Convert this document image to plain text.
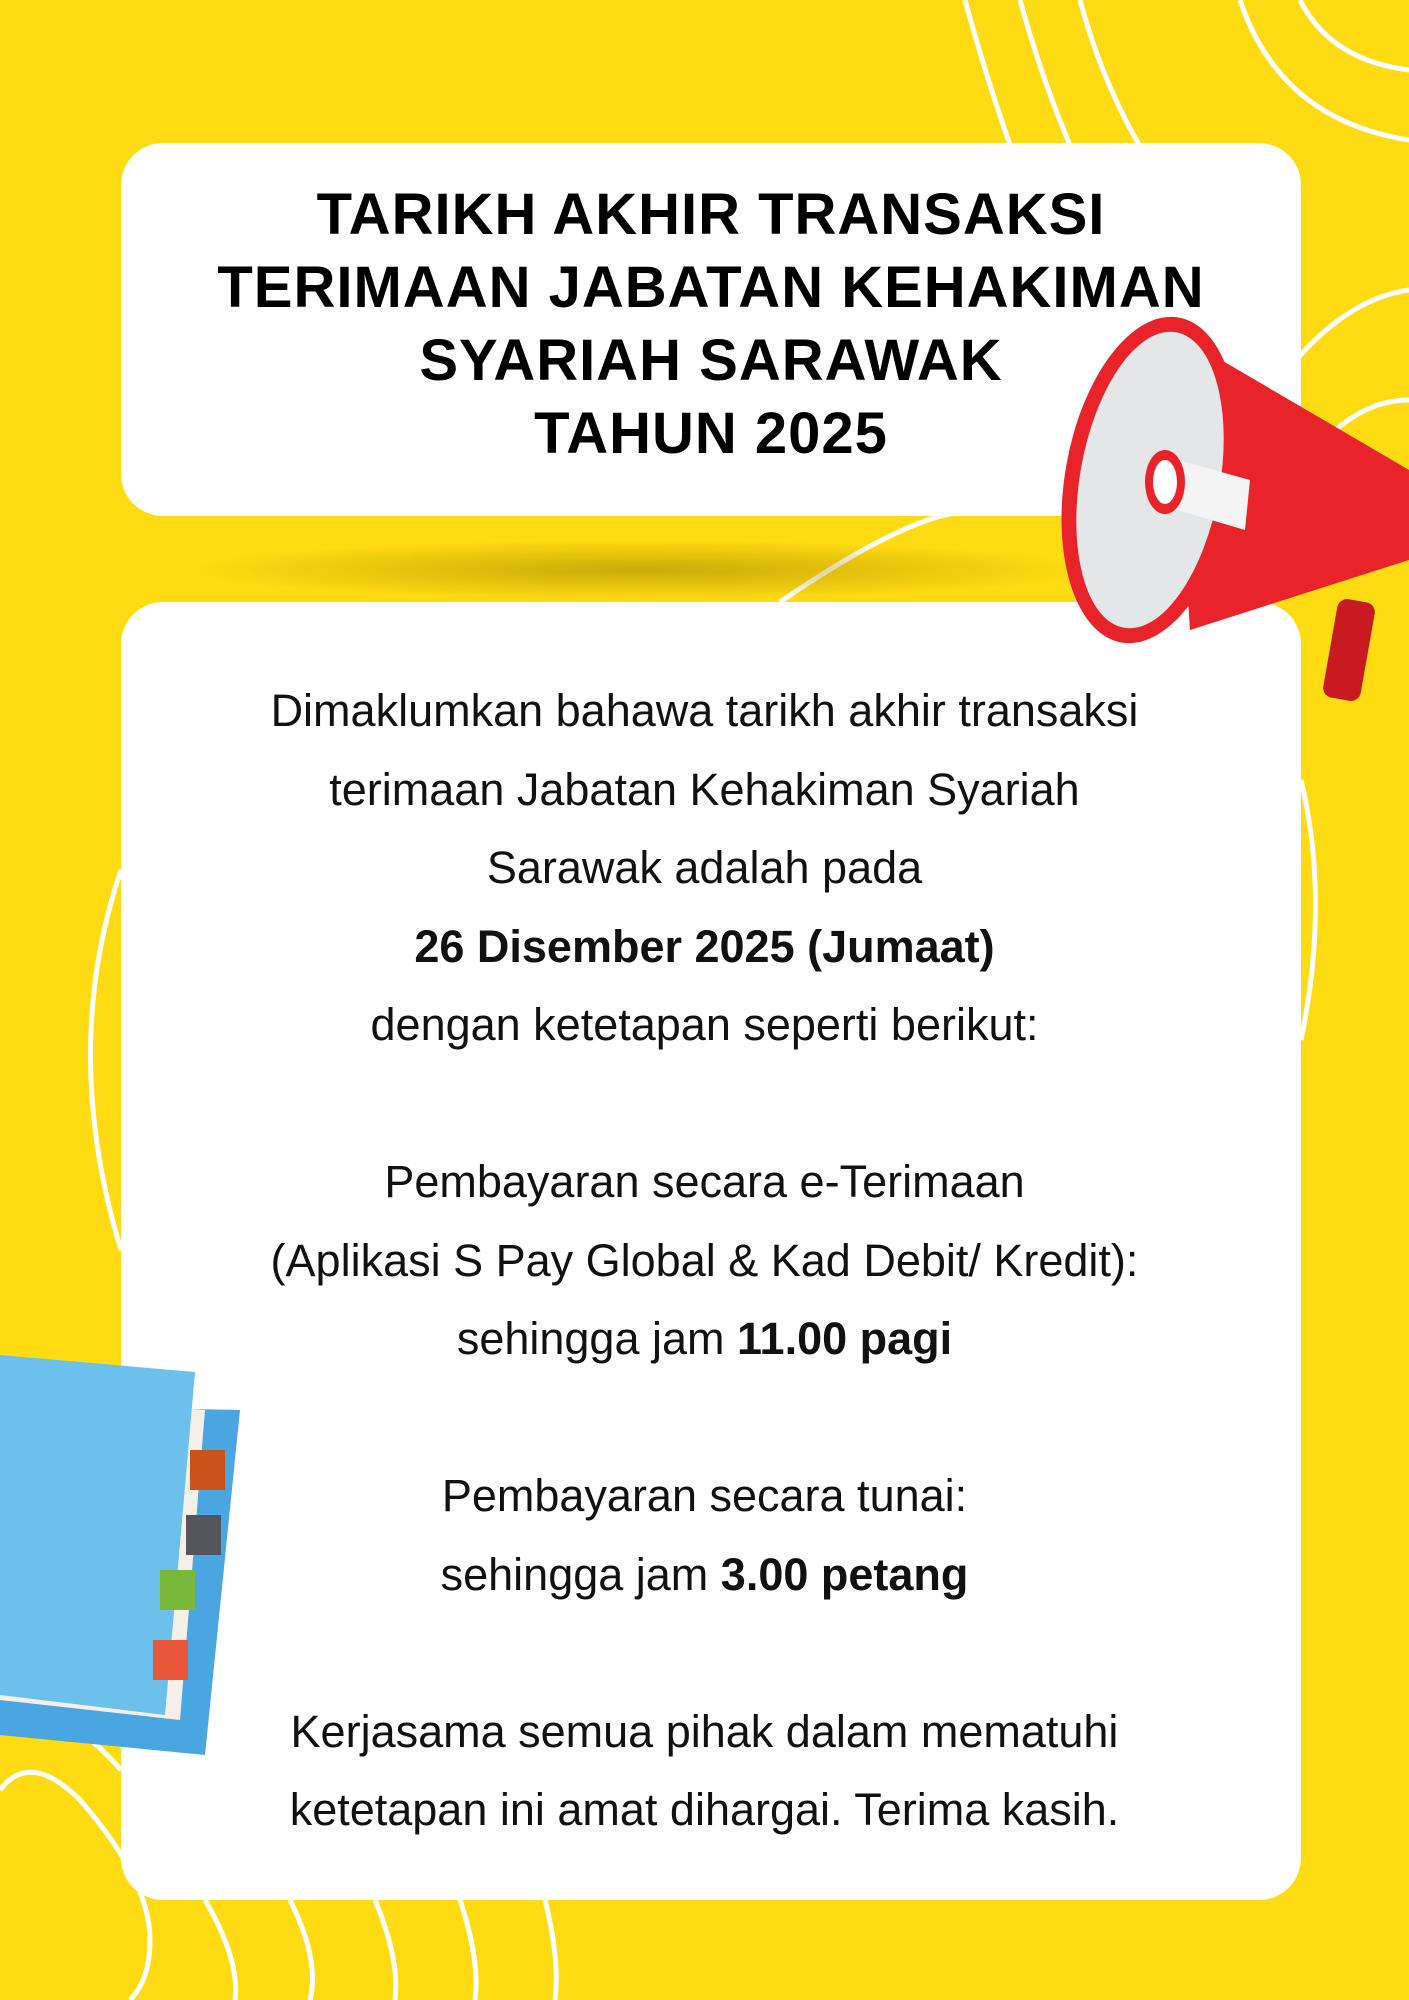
TARIKH AKHIR TRANSAKSI
TERIMAAN JABATAN KEHAKIMAN
SYARIAH SARAWAK
TAHUN 2025
Dimaklumkan bahawa tarikh akhir transaksi
terimaan Jabatan Kehakiman Syariah
Sarawak adalah pada
26 Disember 2025 (Jumaat)
dengan ketetapan seperti berikut:
Pembayaran secara e-Terimaan
(Aplikasi S Pay Global & Kad Debit/ Kredit):
sehingga jam 11.00 pagi
Pembayaran secara tunai:
sehingga jam 3.00 petang
Kerjasama semua pihak dalam mematuhi
ketetapan ini amat dihargai. Terima kasih.
